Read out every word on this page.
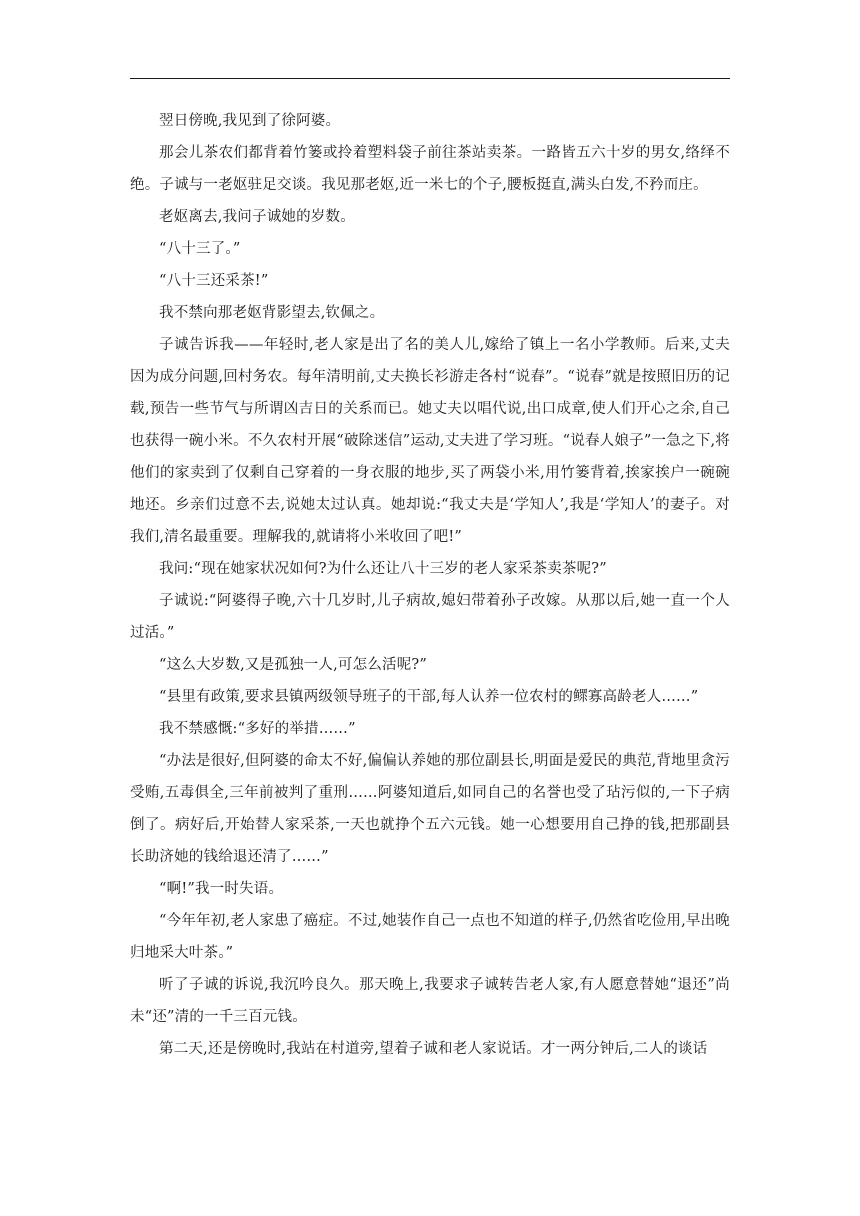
翌日傍晚,我见到了徐阿婆。

那会儿茶农们都背着竹篓或拎着塑料袋子前往茶站卖茶。一路皆五六十岁的男女,络绎不绝。子诚与一老妪驻足交谈。我见那老妪,近一米七的个子,腰板挺直,满头白发,不矜而庄。

老妪离去,我问子诚她的岁数。

“八十三了。”

“八十三还采茶!”

我不禁向那老妪背影望去,钦佩之。

子诚告诉我——年轻时,老人家是出了名的美人儿,嫁给了镇上一名小学教师。后来,丈夫因为成分问题,回村务农。每年清明前,丈夫换长衫游走各村“说春”。“说春”就是按照旧历的记载,预告一些节气与所谓凶吉日的关系而已。她丈夫以唱代说,出口成章,使人们开心之余,自己也获得一碗小米。不久农村开展“破除迷信”运动,丈夫进了学习班。“说春人娘子”一急之下,将他们的家卖到了仅剩自己穿着的一身衣服的地步,买了两袋小米,用竹篓背着,挨家挨户一碗碗地还。乡亲们过意不去,说她太过认真。她却说:“我丈夫是‘学知人’,我是‘学知人’的妻子。对我们,清名最重要。理解我的,就请将小米收回了吧!”

我问:“现在她家状况如何?为什么还让八十三岁的老人家采茶卖茶呢?”

子诚说:“阿婆得子晚,六十几岁时,儿子病故,媳妇带着孙子改嫁。从那以后,她一直一个人过活。”

“这么大岁数,又是孤独一人,可怎么活呢?”

“县里有政策,要求县镇两级领导班子的干部,每人认养一位农村的鳏寡高龄老人……”

我不禁感慨:“多好的举措……”

“办法是很好,但阿婆的命太不好,偏偏认养她的那位副县长,明面是爱民的典范,背地里贪污受贿,五毒俱全,三年前被判了重刑……阿婆知道后,如同自己的名誉也受了玷污似的,一下子病倒了。病好后,开始替人家采茶,一天也就挣个五六元钱。她一心想要用自己挣的钱,把那副县长助济她的钱给退还清了……”

“啊!”我一时失语。

“今年年初,老人家患了癌症。不过,她装作自己一点也不知道的样子,仍然省吃俭用,早出晚归地采大叶茶。”

听了子诚的诉说,我沉吟良久。那天晚上,我要求子诚转告老人家,有人愿意替她“退还”尚未“还”清的一千三百元钱。

第二天,还是傍晚时,我站在村道旁,望着子诚和老人家说话。才一两分钟后,二人的谈话
